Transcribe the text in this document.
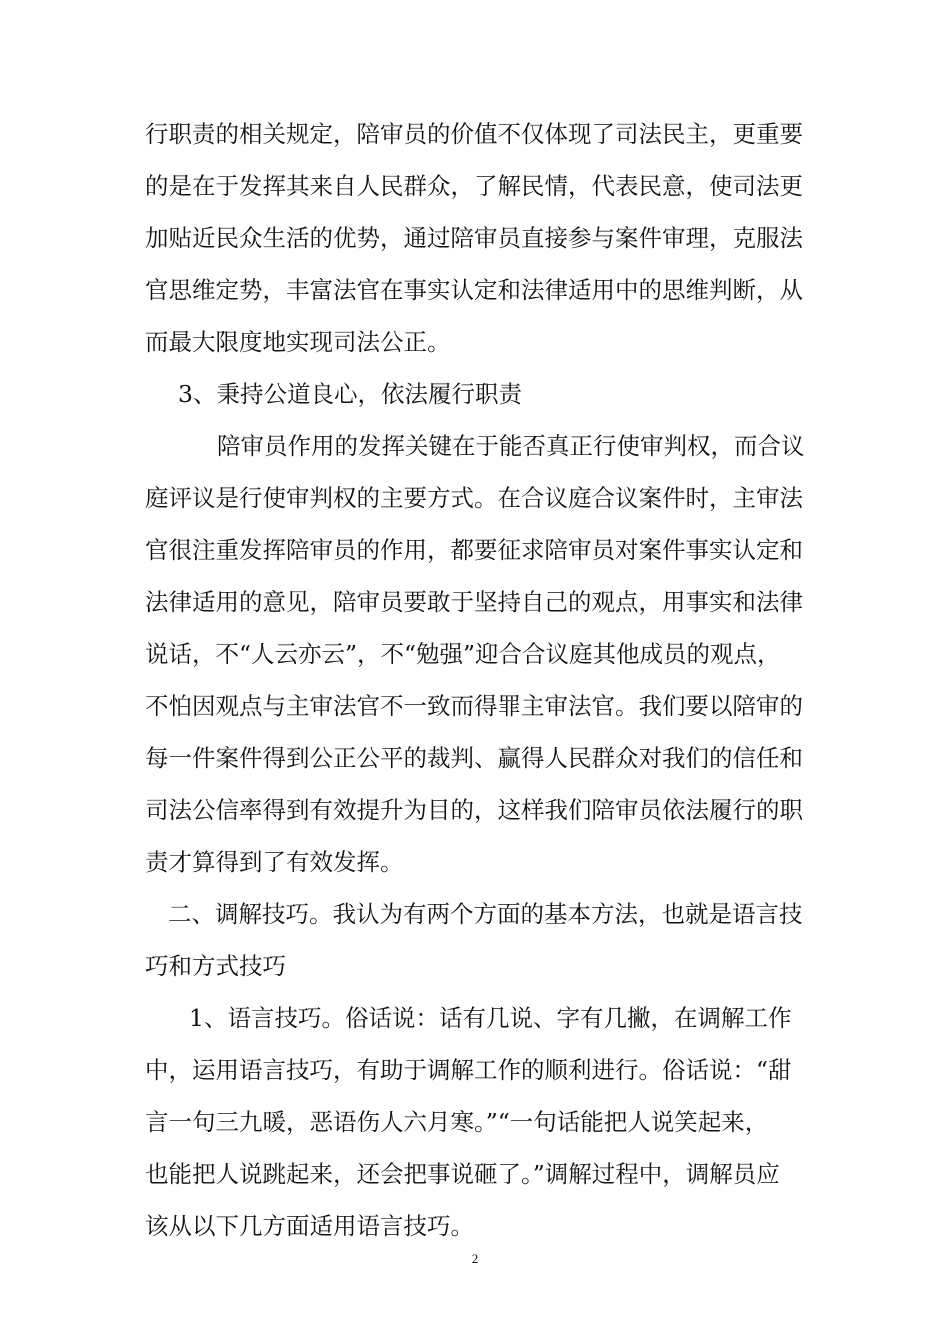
行职责的相关规定，陪审员的价值不仅体现了司法民主，更重要
的是在于发挥其来自人民群众，了解民情，代表民意，使司法更
加贴近民众生活的优势，通过陪审员直接参与案件审理，克服法
官思维定势，丰富法官在事实认定和法律适用中的思维判断，从
而最大限度地实现司法公正。
3、秉持公道良心，依法履行职责
陪审员作用的发挥关键在于能否真正行使审判权，而合议
庭评议是行使审判权的主要方式。在合议庭合议案件时，主审法
官很注重发挥陪审员的作用，都要征求陪审员对案件事实认定和
法律适用的意见，陪审员要敢于坚持自己的观点，用事实和法律
说话，不“人云亦云”，不“勉强”迎合合议庭其他成员的观点，
不怕因观点与主审法官不一致而得罪主审法官。我们要以陪审的
每一件案件得到公正公平的裁判、赢得人民群众对我们的信任和
司法公信率得到有效提升为目的，这样我们陪审员依法履行的职
责才算得到了有效发挥。
二、调解技巧。我认为有两个方面的基本方法，也就是语言技
巧和方式技巧
1、语言技巧。俗话说：话有几说、字有几撇，在调解工作
中，运用语言技巧，有助于调解工作的顺利进行。俗话说：“甜
言一句三九暖，恶语伤人六月寒。”“一句话能把人说笑起来，
也能把人说跳起来，还会把事说砸了。”调解过程中，调解员应
该从以下几方面适用语言技巧。
2
